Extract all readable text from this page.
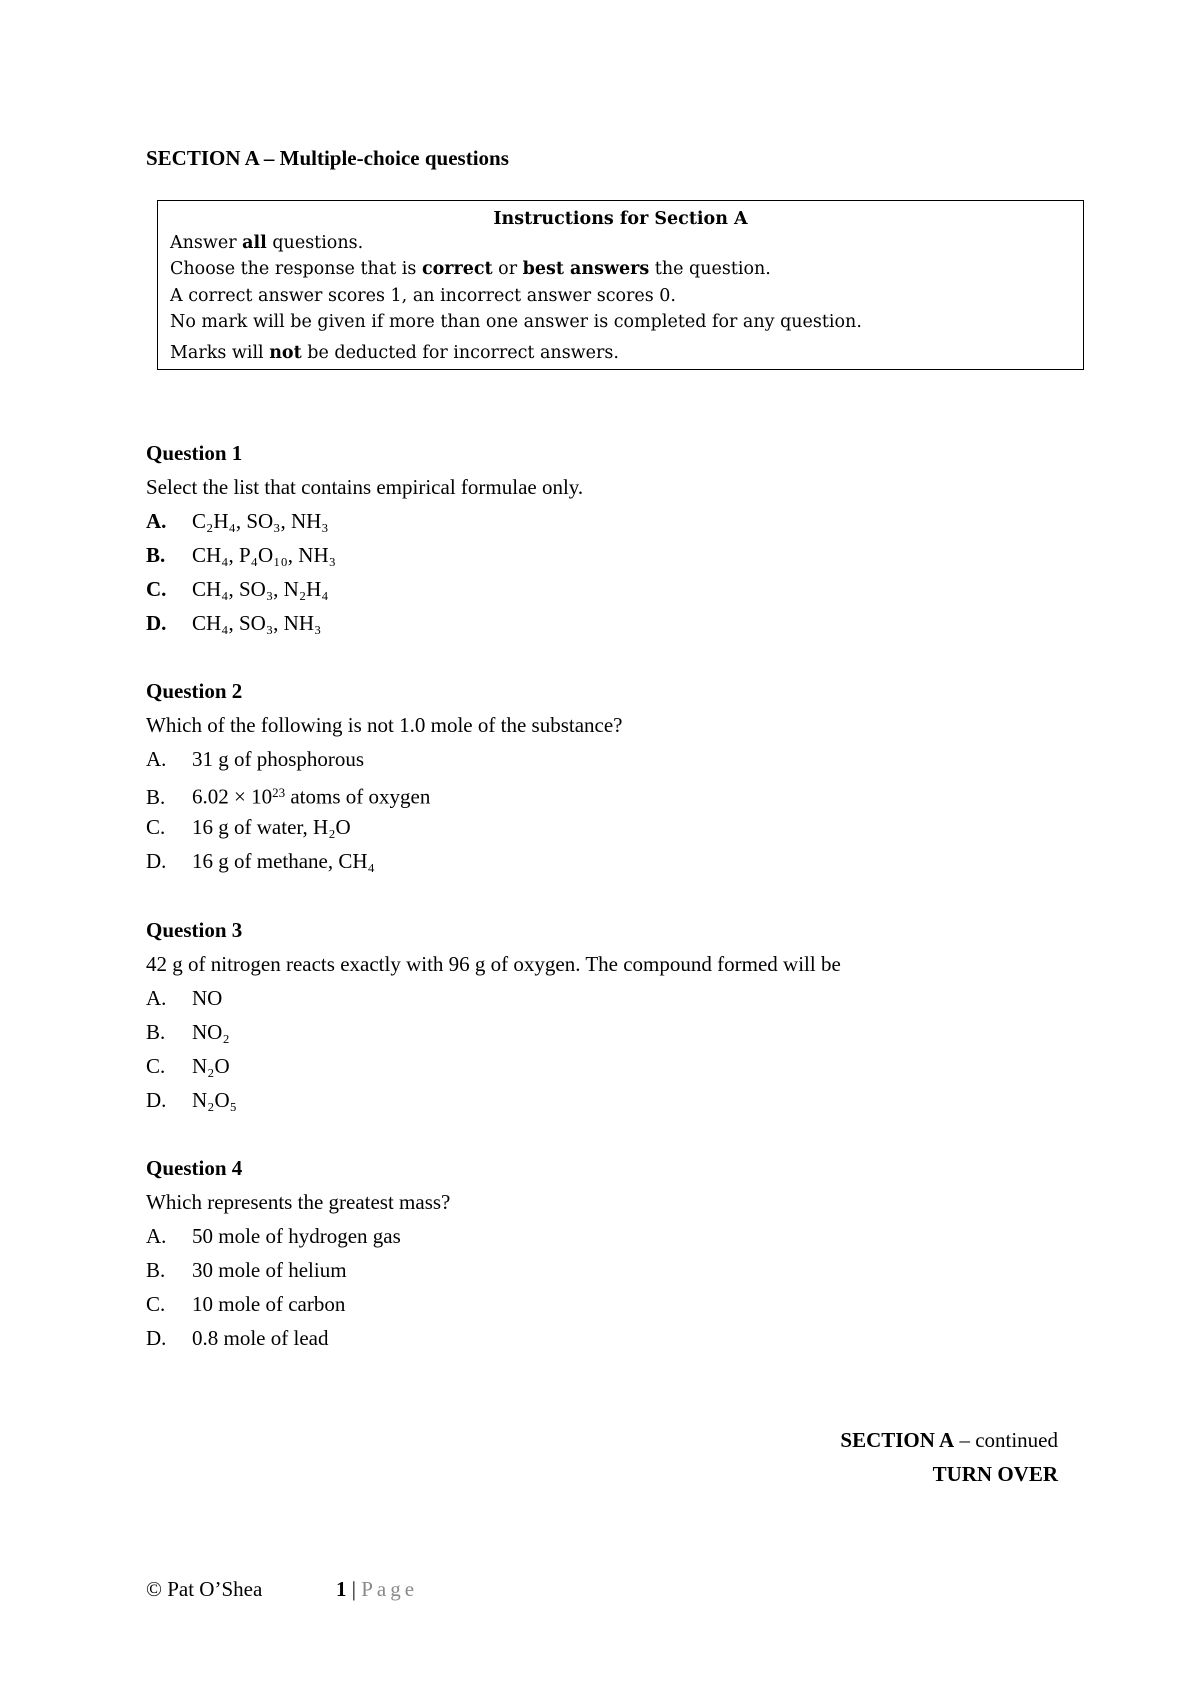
SECTION A – Multiple-choice questions
Instructions for Section A
Answer all questions.
Choose the response that is correct or best answers the question.
A correct answer scores 1, an incorrect answer scores 0.
No mark will be given if more than one answer is completed for any question.
Marks will not be deducted for incorrect answers.
Question 1
Select the list that contains empirical formulae only.
A. C₂H₄, SO₃, NH₃
B. CH₄, P₄O₁₀, NH₃
C. CH₄, SO₃, N₂H₄
D. CH₄, SO₃, NH₃
Question 2
Which of the following is not 1.0 mole of the substance?
A. 31 g of phosphorous
B. $6.02 \times 10^{23}$ atoms of oxygen
C. 16 g of water, H₂O
D. 16 g of methane, CH₄
Question 3
42 g of nitrogen reacts exactly with 96 g of oxygen. The compound formed will be
A. NO
B. NO₂
C. N₂O
D. N₂O₅
Question 4
Which represents the greatest mass?
A. 50 mole of hydrogen gas
B. 30 mole of helium
C. 10 mole of carbon
D. 0.8 mole of lead
SECTION A – continued
TURN OVER
© Pat O’Shea	1 | Page
